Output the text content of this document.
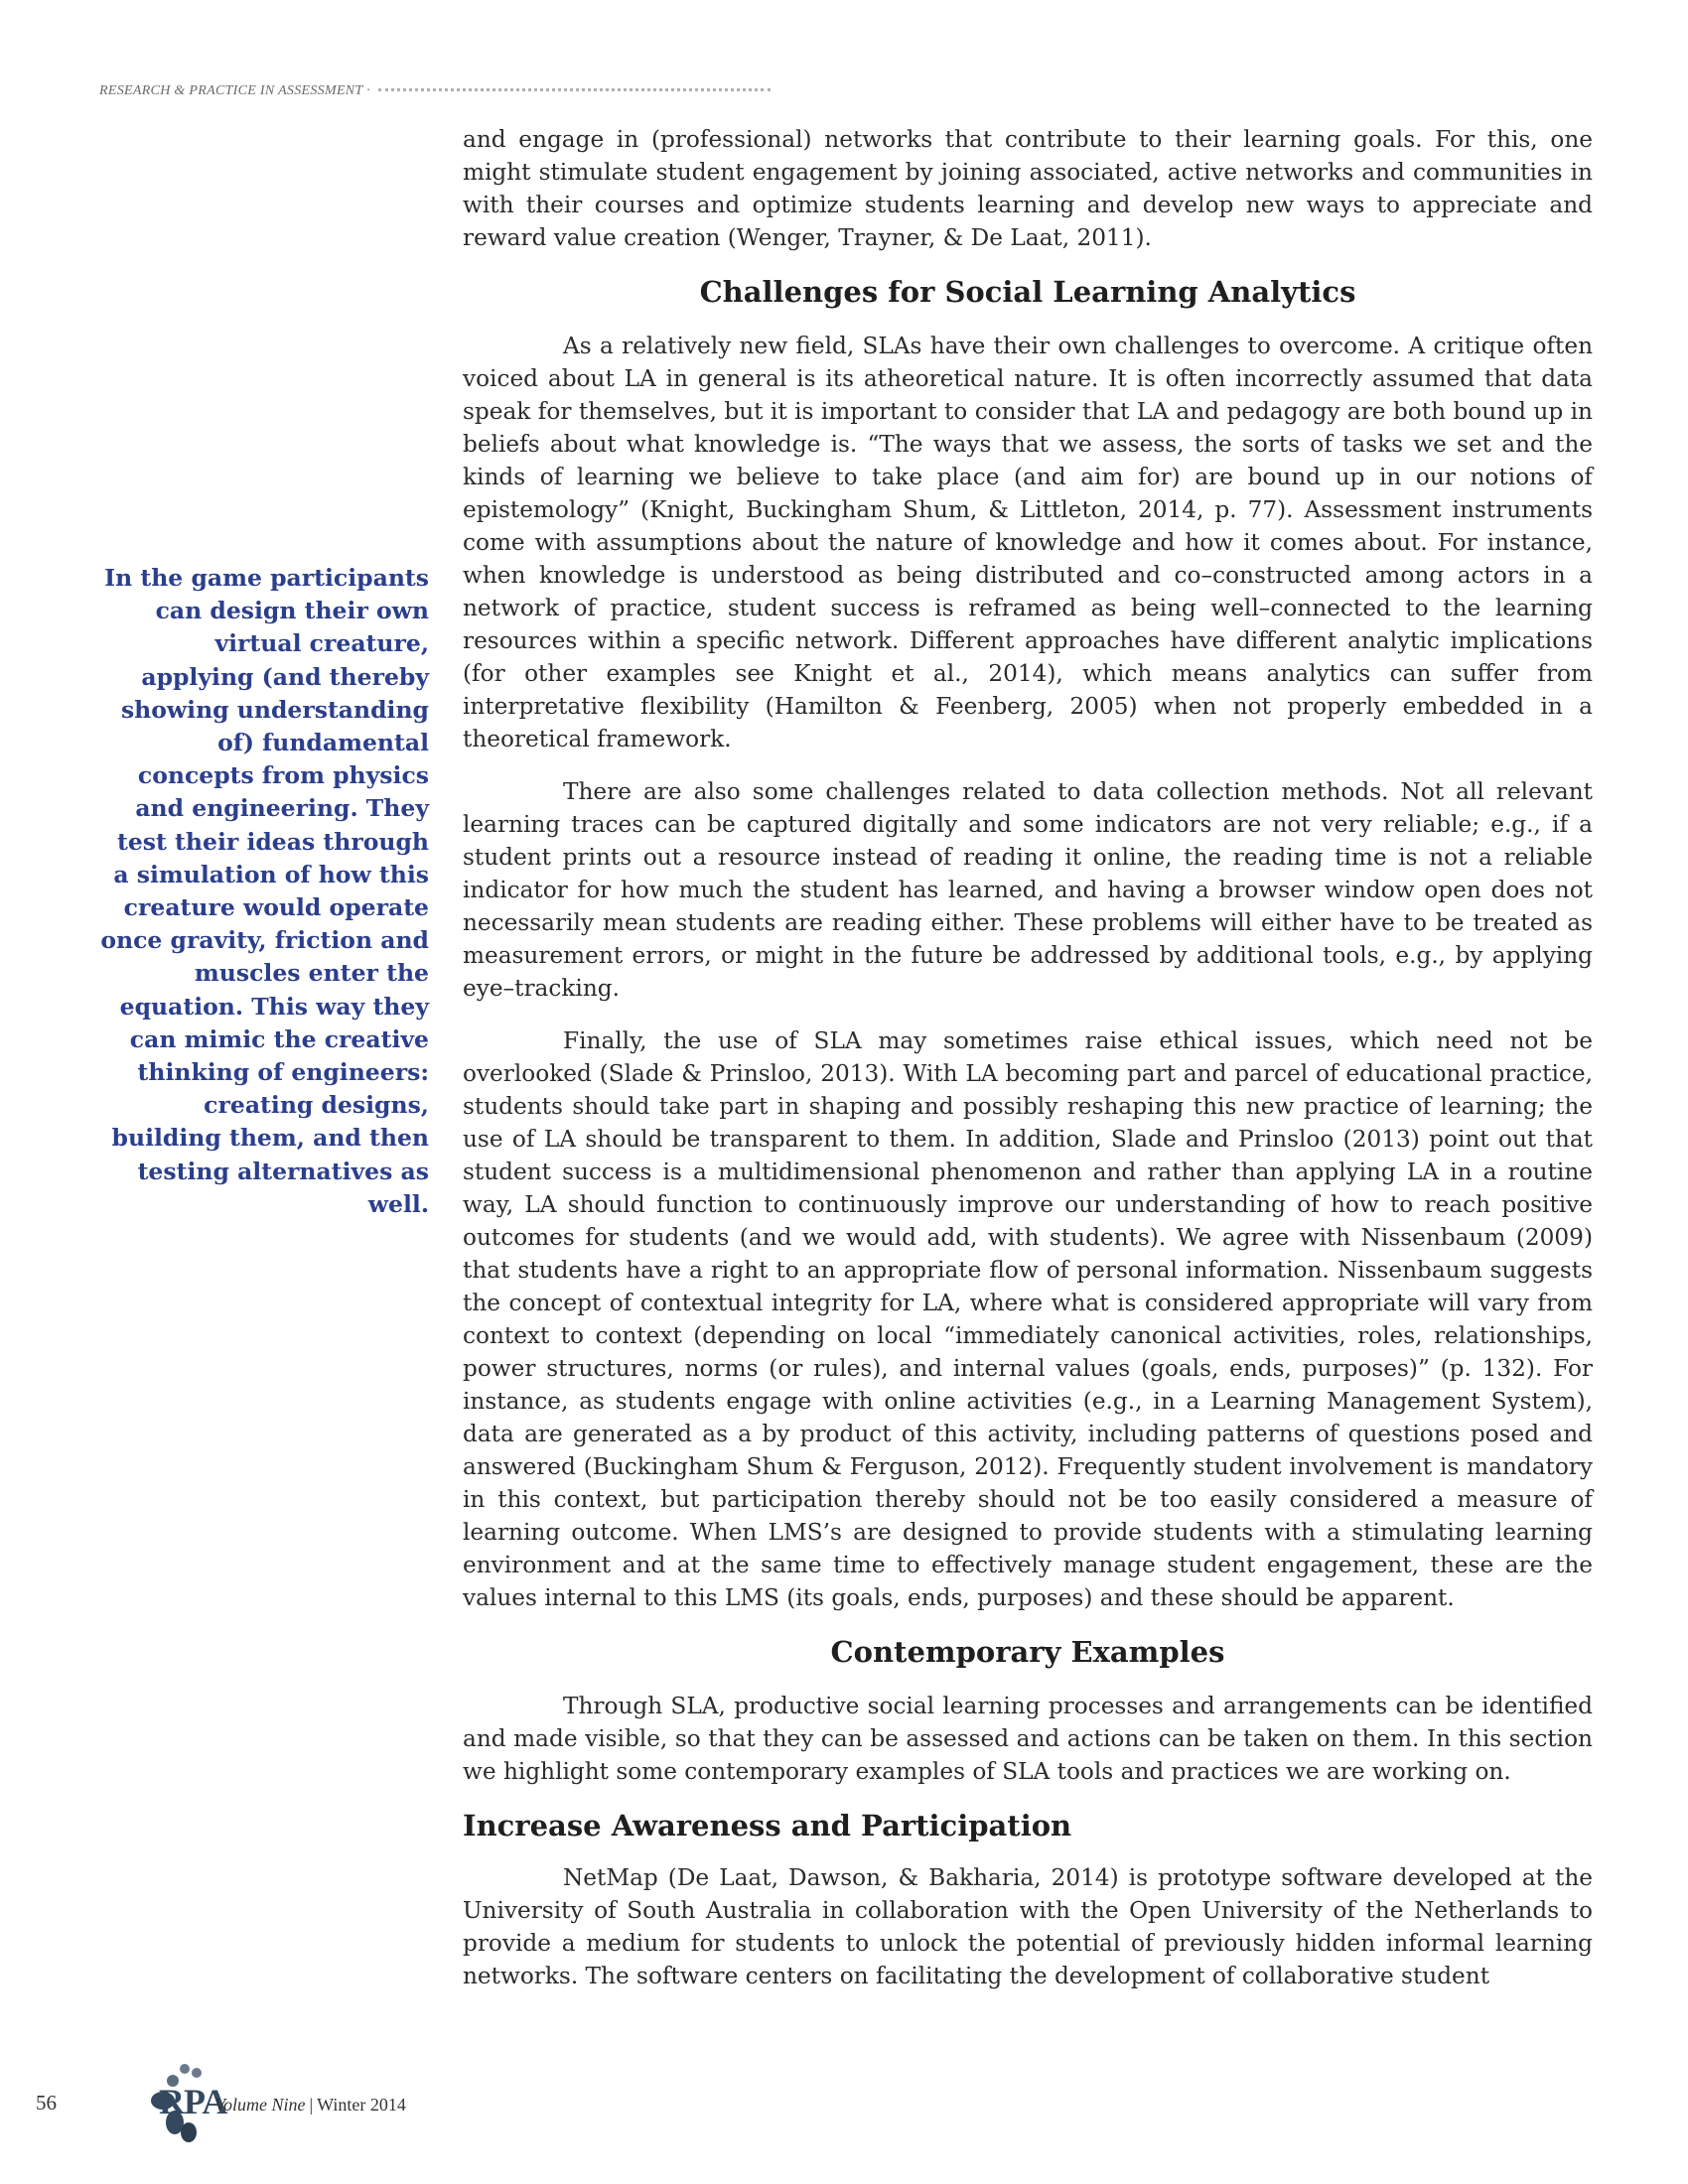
RESEARCH & PRACTICE IN ASSESSMENT ·
In the game participants can design their own virtual creature, applying (and thereby showing understanding of) fundamental concepts from physics and engineering. They test their ideas through a simulation of how this creature would operate once gravity, friction and muscles enter the equation. This way they can mimic the creative thinking of engineers: creating designs, building them, and then testing alternatives as well.

and engage in (professional) networks that contribute to their learning goals. For this, one might stimulate student engagement by joining associated, active networks and communities in with their courses and optimize students learning and develop new ways to appreciate and reward value creation (Wenger, Trayner, & De Laat, 2011).

Challenges for Social Learning Analytics

As a relatively new field, SLAs have their own challenges to overcome. A critique often voiced about LA in general is its atheoretical nature. It is often incorrectly assumed that data speak for themselves, but it is important to consider that LA and pedagogy are both bound up in beliefs about what knowledge is. “The ways that we assess, the sorts of tasks we set and the kinds of learning we believe to take place (and aim for) are bound up in our notions of epistemology” (Knight, Buckingham Shum, & Littleton, 2014, p. 77). Assessment instruments come with assumptions about the nature of knowledge and how it comes about. For instance, when knowledge is understood as being distributed and co–constructed among actors in a network of practice, student success is reframed as being well–connected to the learning resources within a specific network. Different approaches have different analytic implications (for other examples see Knight et al., 2014), which means analytics can suffer from interpretative flexibility (Hamilton & Feenberg, 2005) when not properly embedded in a theoretical framework.

There are also some challenges related to data collection methods. Not all relevant learning traces can be captured digitally and some indicators are not very reliable; e.g., if a student prints out a resource instead of reading it online, the reading time is not a reliable indicator for how much the student has learned, and having a browser window open does not necessarily mean students are reading either. These problems will either have to be treated as measurement errors, or might in the future be addressed by additional tools, e.g., by applying eye–tracking.

Finally, the use of SLA may sometimes raise ethical issues, which need not be overlooked (Slade & Prinsloo, 2013). With LA becoming part and parcel of educational practice, students should take part in shaping and possibly reshaping this new practice of learning; the use of LA should be transparent to them. In addition, Slade and Prinsloo (2013) point out that student success is a multidimensional phenomenon and rather than applying LA in a routine way, LA should function to continuously improve our understanding of how to reach positive outcomes for students (and we would add, with students). We agree with Nissenbaum (2009) that students have a right to an appropriate flow of personal information. Nissenbaum suggests the concept of contextual integrity for LA, where what is considered appropriate will vary from context to context (depending on local “immediately canonical activities, roles, relationships, power structures, norms (or rules), and internal values (goals, ends, purposes)” (p. 132). For instance, as students engage with online activities (e.g., in a Learning Management System), data are generated as a by product of this activity, including patterns of questions posed and answered (Buckingham Shum & Ferguson, 2012). Frequently student involvement is mandatory in this context, but participation thereby should not be too easily considered a measure of learning outcome. When LMS’s are designed to provide students with a stimulating learning environment and at the same time to effectively manage student engagement, these are the values internal to this LMS (its goals, ends, purposes) and these should be apparent.

Contemporary Examples

Through SLA, productive social learning processes and arrangements can be identified and made visible, so that they can be assessed and actions can be taken on them. In this section we highlight some contemporary examples of SLA tools and practices we are working on.

Increase Awareness and Participation

NetMap (De Laat, Dawson, & Bakharia, 2014) is prototype software developed at the University of South Australia in collaboration with the Open University of the Netherlands to provide a medium for students to unlock the potential of previously hidden informal learning networks. The software centers on facilitating the development of collaborative student

56	RPA
Volume Nine | Winter 2014
